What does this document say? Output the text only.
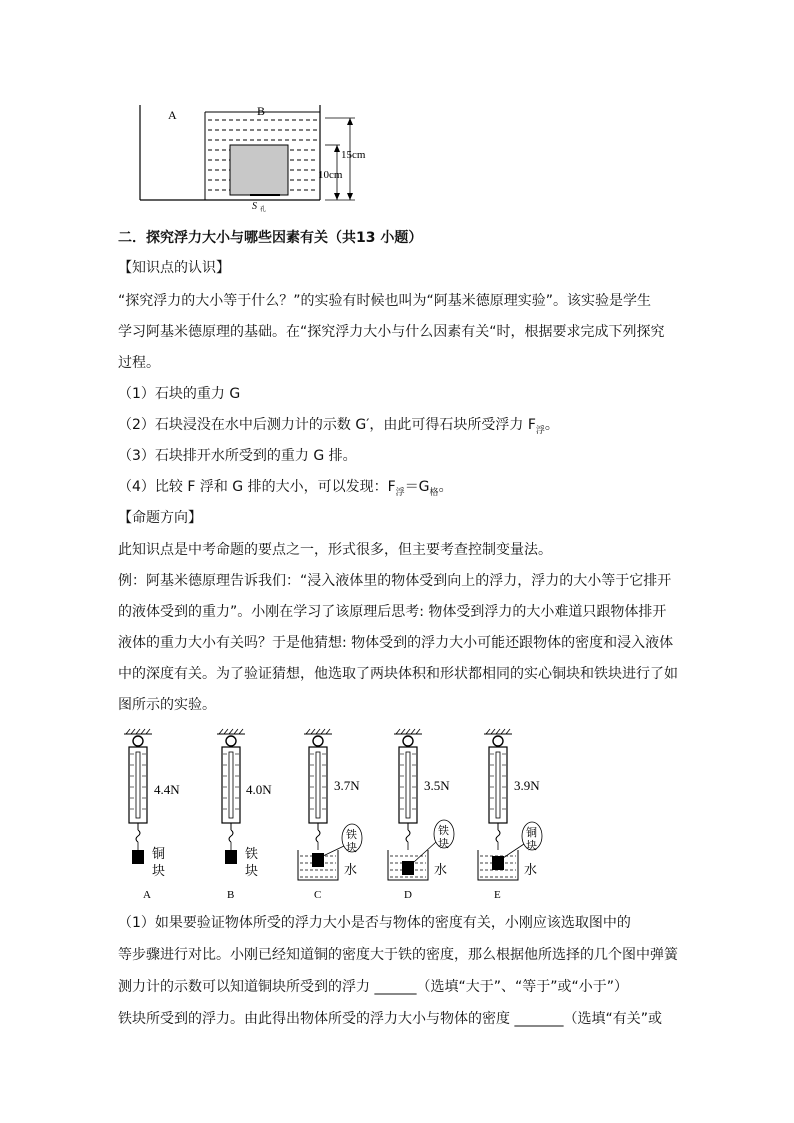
A	B
15cm
10cm
S 孔
二．探究浮力大小与哪些因素有关（共13 小题）
【知识点的认识】
“探究浮力的大小等于什么？”的实验有时候也叫为“阿基米德原理实验”。该实验是学生
学习阿基米德原理的基础。在“探究浮力大小与什么因素有关“时，根据要求完成下列探究
过程。
（1）石块的重力 G
（2）石块浸没在水中后测力计的示数 G′，由此可得石块所受浮力 $F_浮$。
（3）石块排开水所受到的重力 G 排。
（4）比较 F 浮和 G 排的大小，可以发现：$F_浮=G_格$。
【命题方向】
此知识点是中考命题的要点之一，形式很多，但主要考查控制变量法。
例：阿基米德原理告诉我们：“浸入液体里的物体受到向上的浮力，浮力的大小等于它排开
的液体受到的重力”。小刚在学习了该原理后思考: 物体受到浮力的大小难道只跟物体排开
液体的重力大小有关吗？于是他猜想: 物体受到的浮力大小可能还跟物体的密度和浸入液体
中的深度有关。为了验证猜想，他选取了两块体积和形状都相同的实心铜块和铁块进行了如
图所示的实验。
4.4N	4.0N	3.7N	3.5N	3.9N
铜
块
铁
块
铁
块
铁
块
铜
块
水	水	水
A	B	C	D	E
（1）如果要验证物体所受的浮力大小是否与物体的密度有关，小刚应该选取图中的
等步骤进行对比。小刚已经知道铜的密度大于铁的密度，那么根据他所选择的几个图中弹簧
测力计的示数可以知道铜块所受到的浮力 ______（选填“大于”、“等于”或“小于”）
铁块所受到的浮力。由此得出物体所受的浮力大小与物体的密度 _______（选填“有关”或
